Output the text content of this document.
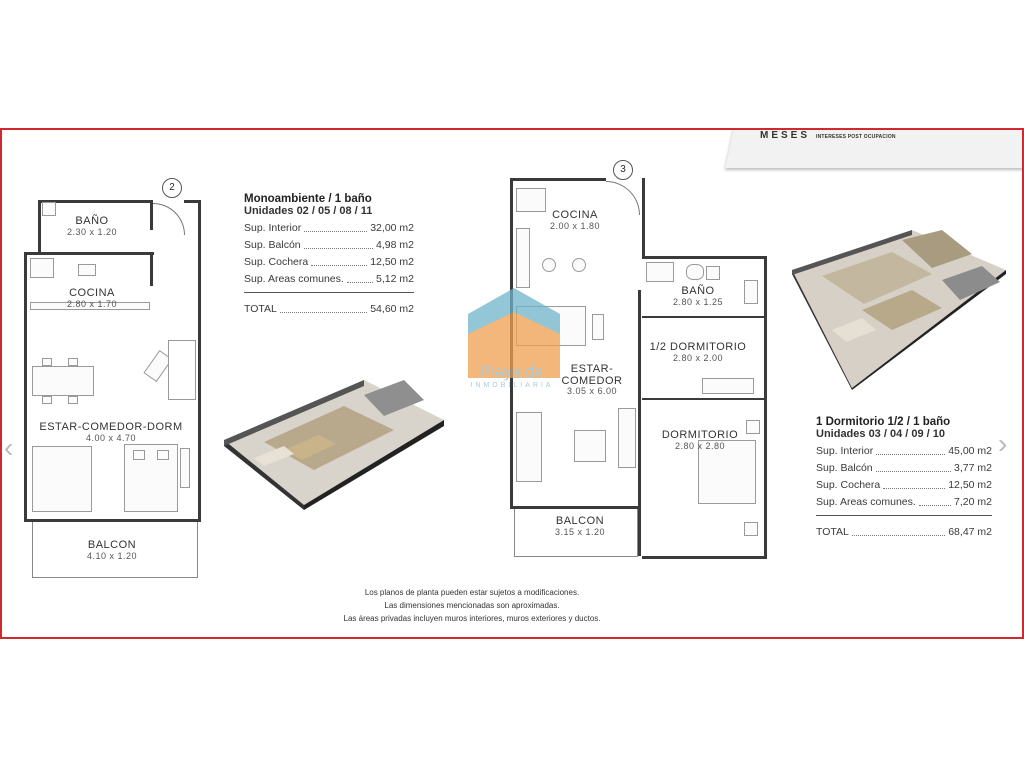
MESES INTERESES POST OCUPACION
2
BAÑO
2.30 x 1.20
COCINA
2.80 x 1.70
ESTAR-COMEDOR-DORM
4.00 x 4.70
BALCON
4.10 x 1.20
Monoambiente / 1 baño
Unidades 02 / 05 / 08 / 11
Sup. Interior	32,00 m2
Sup. Balcón	4,98 m2
Sup. Cochera	12,50 m2
Sup. Areas comunes.	5,12 m2
TOTAL	54,60 m2
3
COCINA
2.00 x 1.80
BAÑO
2.80 x 1.25
1/2 DORMITORIO
2.80 x 2.00
ESTAR-COMEDOR
3.05 x 6.00
DORMITORIO
2.80 x 2.80
BALCON
3.15 x 1.20
1 Dormitorio 1/2 / 1 baño
Unidades 03 / 04 / 09 / 10
Sup. Interior	45,00 m2
Sup. Balcón	3,77 m2
Sup. Cochera	12,50 m2
Sup. Areas comunes.	7,20 m2
TOTAL	68,47 m2
Los planos de planta pueden estar sujetos a modificaciones.
Las dimensiones mencionadas son aproximadas.
Las áreas privadas incluyen muros interiores, muros exteriores y ductos.
Playa de
INMOBILIARIA
‹	›
